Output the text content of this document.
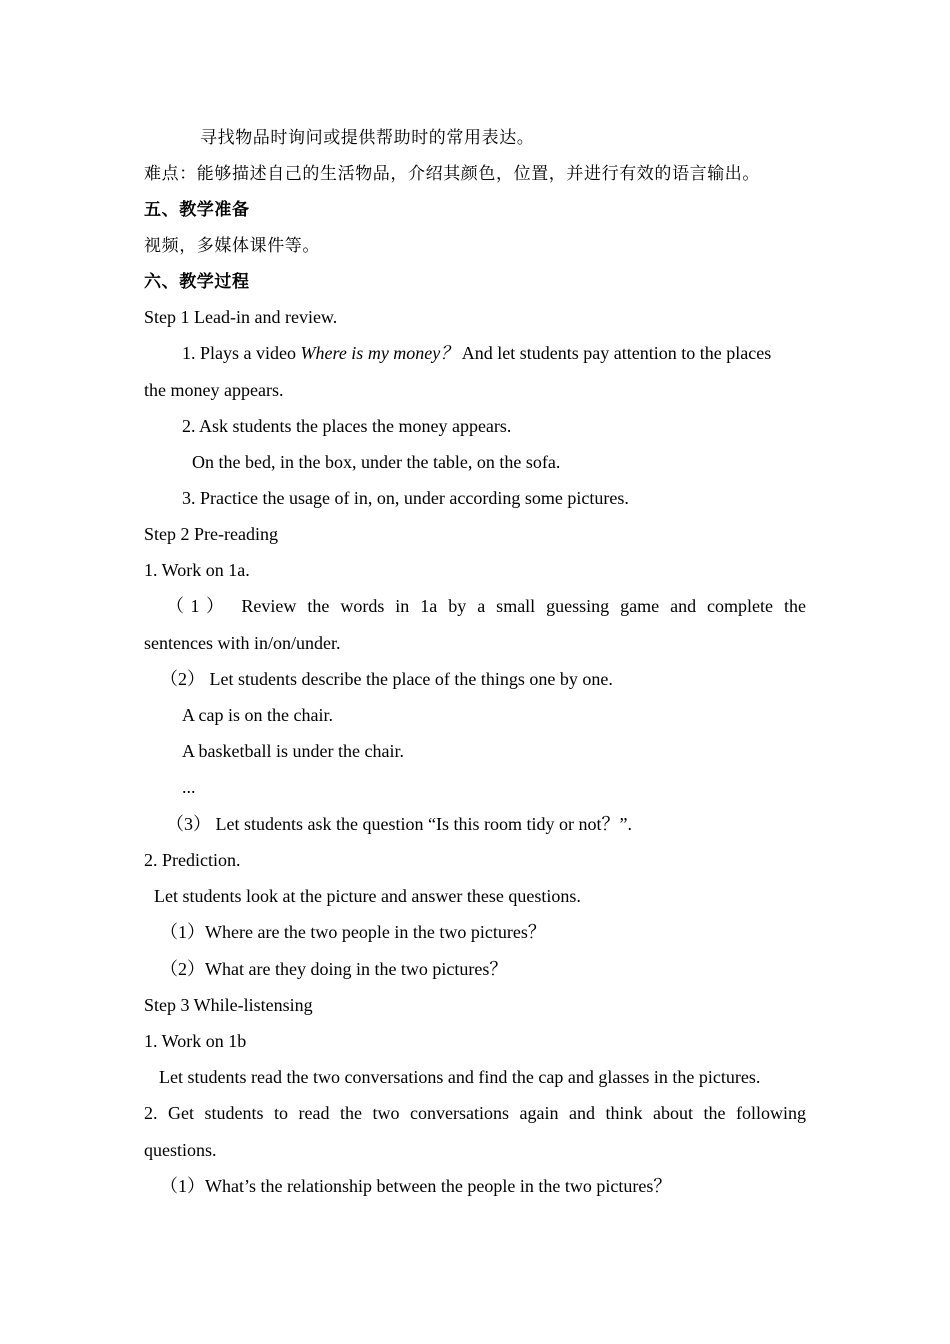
寻找物品时询问或提供帮助时的常用表达。
难点：能够描述自己的生活物品，介绍其颜色，位置，并进行有效的语言输出。
五、教学准备
视频，多媒体课件等。
六、教学过程
Step 1 Lead-in and review.
1. Plays a video Where is my money？ And let students pay attention to the places
the money appears.
2. Ask students the places the money appears.
On the bed, in the box, under the table, on the sofa.
3. Practice the usage of in, on, under according some pictures.
Step 2 Pre-reading
1. Work on 1a.
（1） Review the words in 1a by a small guessing game and complete the
sentences with in/on/under.
（2） Let students describe the place of the things one by one.
A cap is on the chair.
A basketball is under the chair.
...
（3） Let students ask the question “Is this room tidy or not？”.
2. Prediction.
Let students look at the picture and answer these questions.
（1）Where are the two people in the two pictures？
（2）What are they doing in the two pictures？
Step 3 While-listensing
1. Work on 1b
Let students read the two conversations and find the cap and glasses in the pictures.
2. Get students to read the two conversations again and think about the following
questions.
（1）What’s the relationship between the people in the two pictures？
